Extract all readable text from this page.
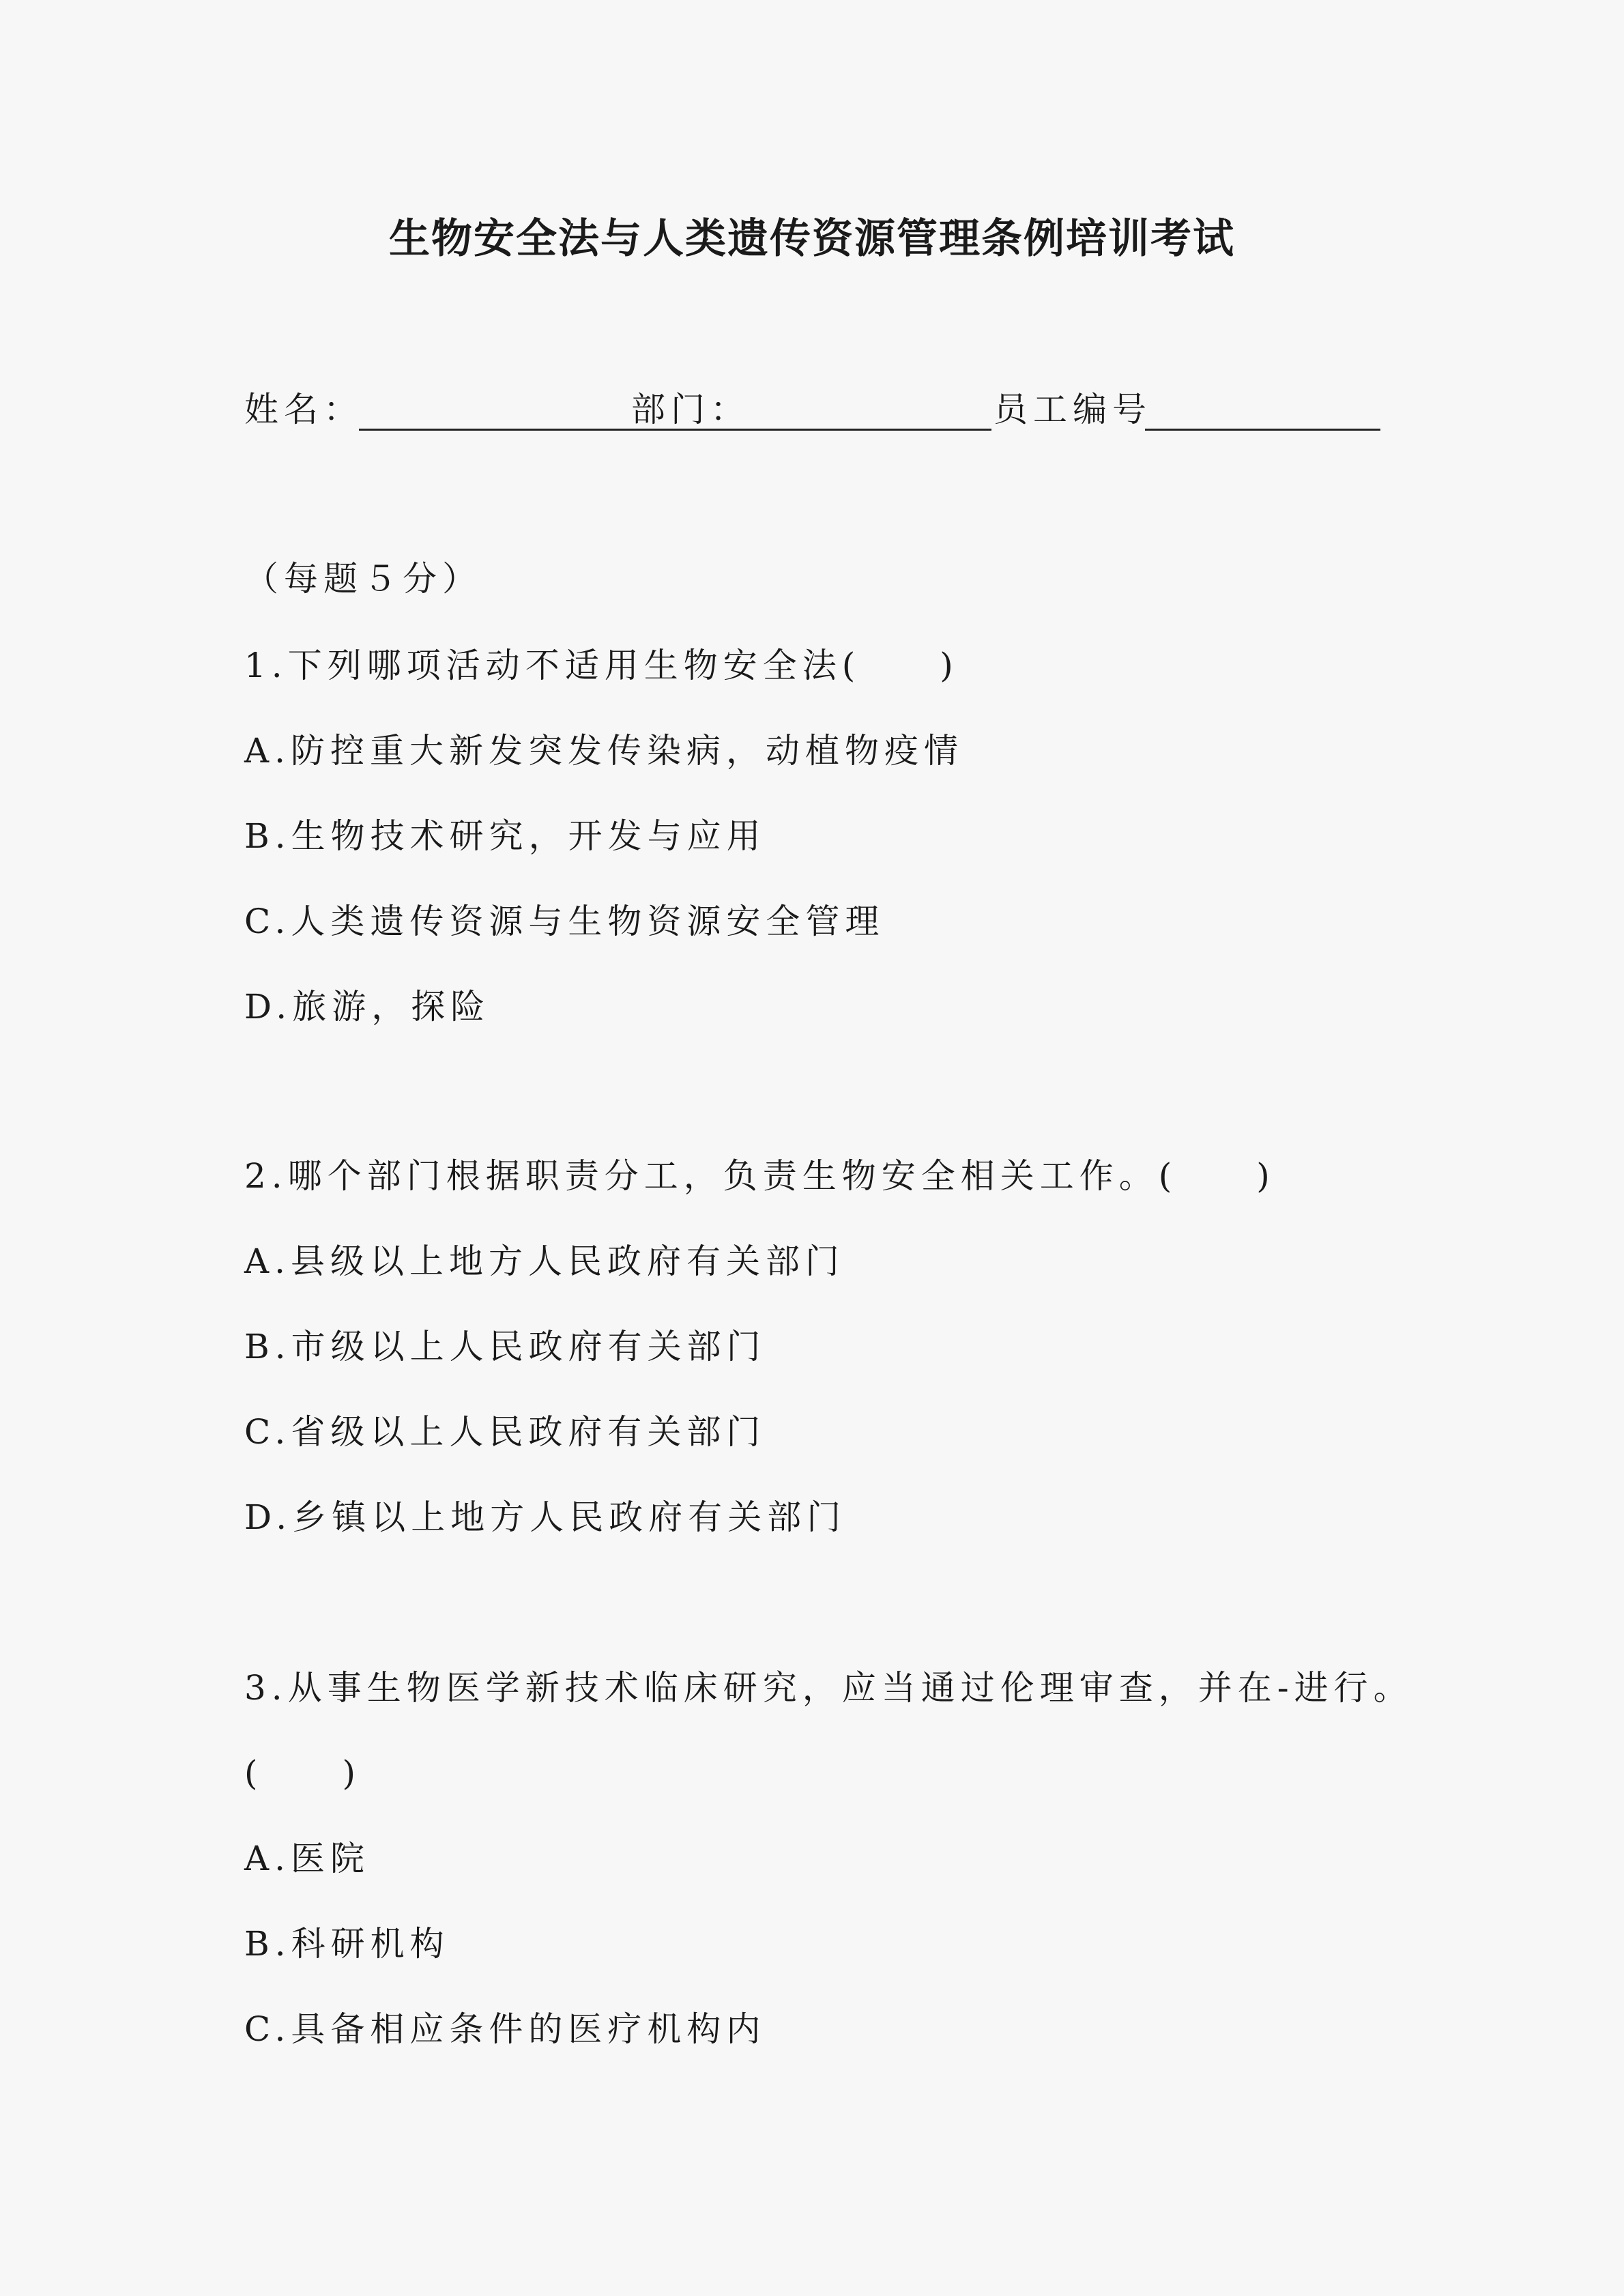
生物安全法与人类遗传资源管理条例培训考试
姓名：	部门：	员工编号
（每题５分）
1.下列哪项活动不适用生物安全法(　　)
A.防控重大新发突发传染病，动植物疫情
B.生物技术研究，开发与应用
C.人类遗传资源与生物资源安全管理
D.旅游，探险
2.哪个部门根据职责分工，负责生物安全相关工作。(　　)
A.县级以上地方人民政府有关部门
B.市级以上人民政府有关部门
C.省级以上人民政府有关部门
D.乡镇以上地方人民政府有关部门
3.从事生物医学新技术临床研究，应当通过伦理审查，并在-进行。
(　　)
A.医院
B.科研机构
C.具备相应条件的医疗机构内
